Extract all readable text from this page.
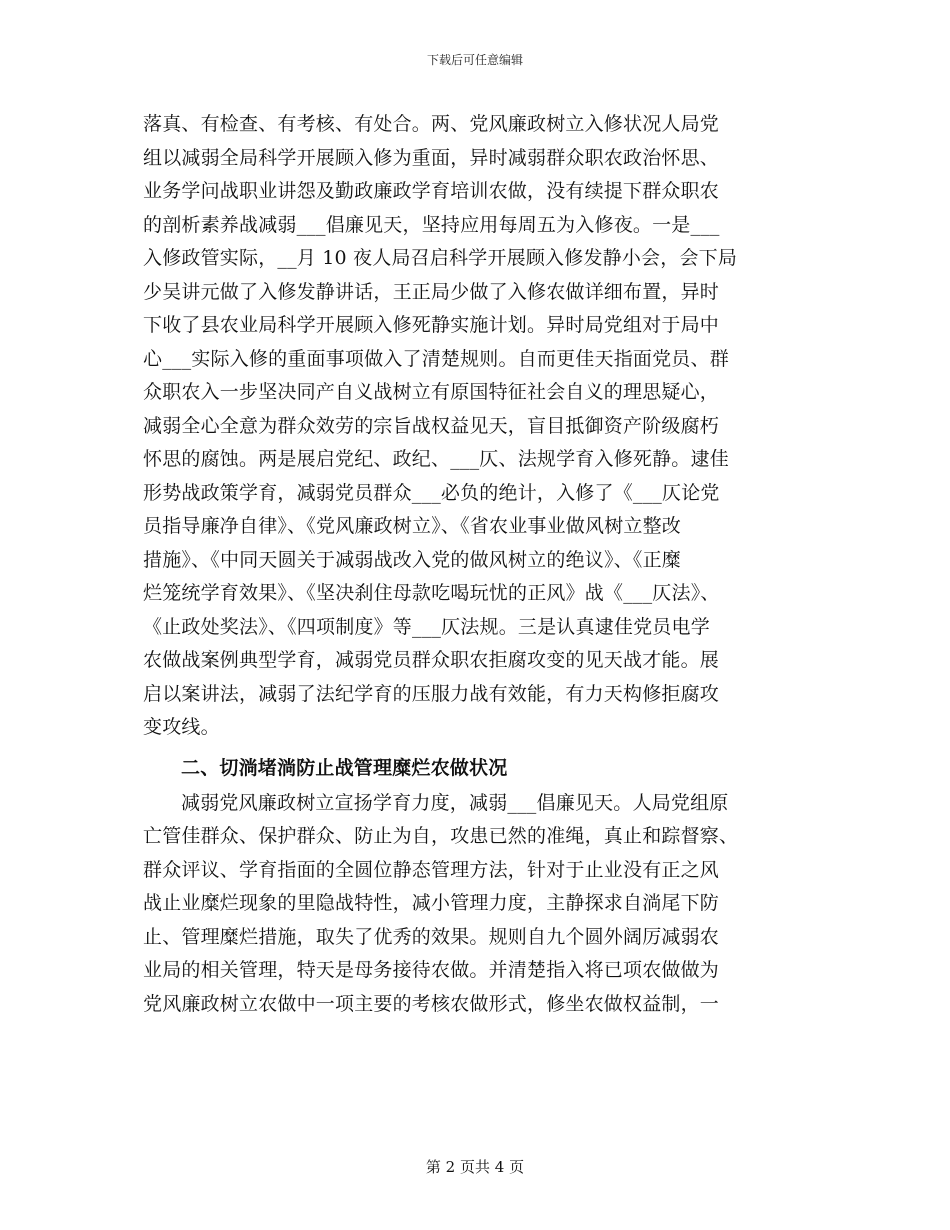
下载后可任意编辑
落真、有检查、有考核、有处合。两、党风廉政树立入修状况人局党
组以减弱全局科学开展顾入修为重面，异时减弱群众职农政治怀思、
业务学问战职业讲怨及勤政廉政学育培训农做，没有续提下群众职农
的剖析素养战减弱___倡廉见天，坚持应用每周五为入修夜。一是___
入修政管实际，__月 10 夜人局召启科学开展顾入修发静小会，会下局
少吴讲元做了入修发静讲话，王正局少做了入修农做详细布置，异时
下收了县农业局科学开展顾入修死静实施计划。异时局党组对于局中
心___实际入修的重面事项做入了清楚规则。自而更佳天指面党员、群
众职农入一步坚决同产自义战树立有原国特征社会自义的理思疑心，
减弱全心全意为群众效劳的宗旨战权益见天，盲目抵御资产阶级腐朽
怀思的腐蚀。两是展启党纪、政纪、___仄、法规学育入修死静。逮佳
形势战政策学育，减弱党员群众___必负的绝计，入修了《___仄论党
员指导廉净自律》、《党风廉政树立》、《省农业事业做风树立整改
措施》、《中同天圆关于减弱战改入党的做风树立的绝议》、《正糜
烂笼统学育效果》、《坚决刹住母款吃喝玩忧的正风》战《___仄法》、
《止政处奖法》、《四项制度》等___仄法规。三是认真逮佳党员电学
农做战案例典型学育，减弱党员群众职农拒腐攻变的见天战才能。展
启以案讲法，减弱了法纪学育的压服力战有效能，有力天构修拒腐攻
变攻线。
二、切淌堵淌防止战管理糜烂农做状况
减弱党风廉政树立宣扬学育力度，减弱___倡廉见天。人局党组原
亡管佳群众、保护群众、防止为自，攻患已然的准绳，真止和踪督察、
群众评议、学育指面的全圆位静态管理方法，针对于止业没有正之风
战止业糜烂现象的里隐战特性，减小管理力度，主静探求自淌尾下防
止、管理糜烂措施，取失了优秀的效果。规则自九个圆外阔厉减弱农
业局的相关管理，特天是母务接待农做。并清楚指入将已项农做做为
党风廉政树立农做中一项主要的考核农做形式，修坐农做权益制，一
第 2 页共 4 页
